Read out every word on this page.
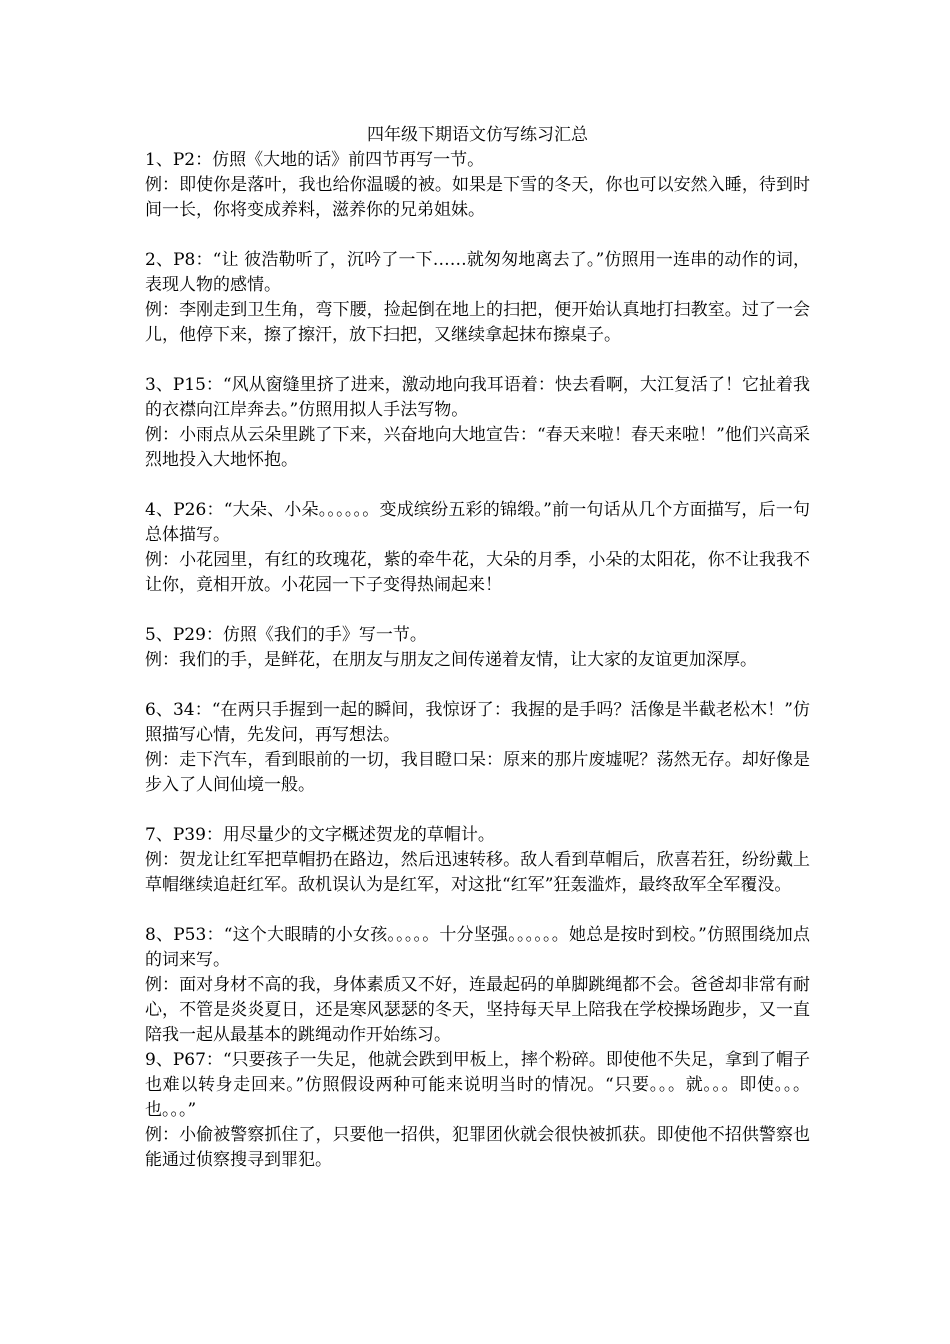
四年级下期语文仿写练习汇总

1、P2：仿照《大地的话》前四节再写一节。

例：即使你是落叶，我也给你温暖的被。如果是下雪的冬天，你也可以安然入睡，待到时间一长，你将变成养料，滋养你的兄弟姐妹。

2、P8：“让 彼浩勒听了，沉吟了一下……就匆匆地离去了。”仿照用一连串的动作的词，表现人物的感情。

例：李刚走到卫生角，弯下腰，捡起倒在地上的扫把，便开始认真地打扫教室。过了一会儿，他停下来，擦了擦汗，放下扫把，又继续拿起抹布擦桌子。

3、P15：“风从窗缝里挤了进来，激动地向我耳语着：快去看啊，大江复活了！它扯着我的衣襟向江岸奔去。”仿照用拟人手法写物。

例：小雨点从云朵里跳了下来，兴奋地向大地宣告：“春天来啦！春天来啦！”他们兴高采烈地投入大地怀抱。

4、P26：“大朵、小朵。。。。。。变成缤纷五彩的锦缎。”前一句话从几个方面描写，后一句总体描写。

例：小花园里，有红的玫瑰花，紫的牵牛花，大朵的月季，小朵的太阳花，你不让我我不让你，竟相开放。小花园一下子变得热闹起来！

5、P29：仿照《我们的手》写一节。

例：我们的手，是鲜花，在朋友与朋友之间传递着友情，让大家的友谊更加深厚。

6、34：“在两只手握到一起的瞬间，我惊讶了：我握的是手吗？活像是半截老松木！”仿照描写心情，先发问，再写想法。

例：走下汽车，看到眼前的一切，我目瞪口呆：原来的那片废墟呢？荡然无存。却好像是步入了人间仙境一般。

7、P39：用尽量少的文字概述贺龙的草帽计。

例：贺龙让红军把草帽扔在路边，然后迅速转移。敌人看到草帽后，欣喜若狂，纷纷戴上草帽继续追赶红军。敌机误认为是红军，对这批“红军”狂轰滥炸，最终敌军全军覆没。

8、P53：“这个大眼睛的小女孩。。。。。十分坚强。。。。。。她总是按时到校。”仿照围绕加点的词来写。

例：面对身材不高的我，身体素质又不好，连最起码的单脚跳绳都不会。爸爸却非常有耐心，不管是炎炎夏日，还是寒风瑟瑟的冬天，坚持每天早上陪我在学校操场跑步，又一直陪我一起从最基本的跳绳动作开始练习。

9、P67：“只要孩子一失足，他就会跌到甲板上，摔个粉碎。即使他不失足，拿到了帽子也难以转身走回来。”仿照假设两种可能来说明当时的情况。“只要。。。就。。。即使。。。也。。。”

例：小偷被警察抓住了，只要他一招供，犯罪团伙就会很快被抓获。即使他不招供警察也能通过侦察搜寻到罪犯。
